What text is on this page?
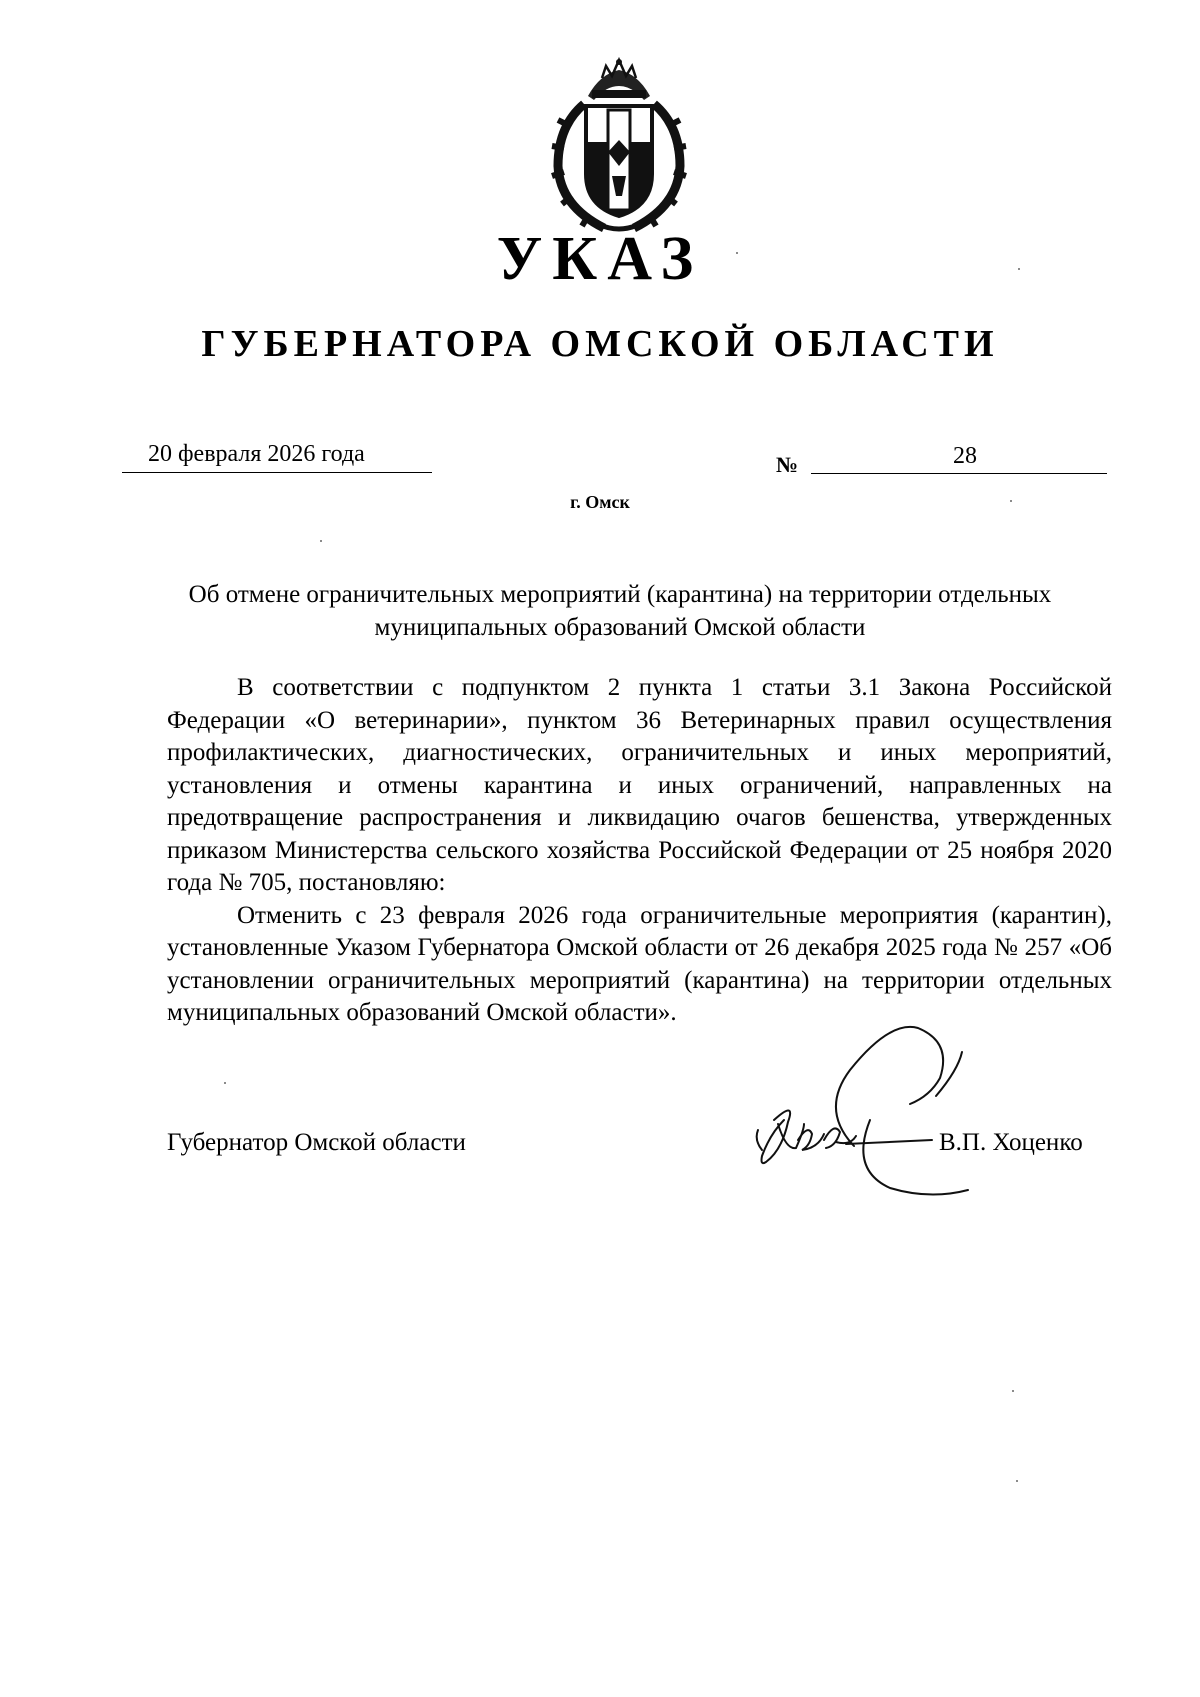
УКАЗ
ГУБЕРНАТОРА ОМСКОЙ ОБЛАСТИ
20 февраля 2026 года	№	28
г. Омск
Об отмене ограничительных мероприятий (карантина) на территории отдельных муниципальных образований Омской области

В соответствии с подпунктом 2 пункта 1 статьи 3.1 Закона Российской Федерации «О ветеринарии», пунктом 36 Ветеринарных правил осуществления профилактических, диагностических, ограничительных и иных мероприятий, установления и отмены карантина и иных ограничений, направленных на предотвращение распространения и ликвидацию очагов бешенства, утвержденных приказом Министерства сельского хозяйства Российской Федерации от 25 ноября 2020 года № 705, постановляю:

Отменить с 23 февраля 2026 года ограничительные мероприятия (карантин), установленные Указом Губернатора Омской области от 26 декабря 2025 года № 257 «Об установлении ограничительных мероприятий (карантина) на территории отдельных муниципальных образований Омской области».

Губернатор Омской области	В.П. Хоценко
